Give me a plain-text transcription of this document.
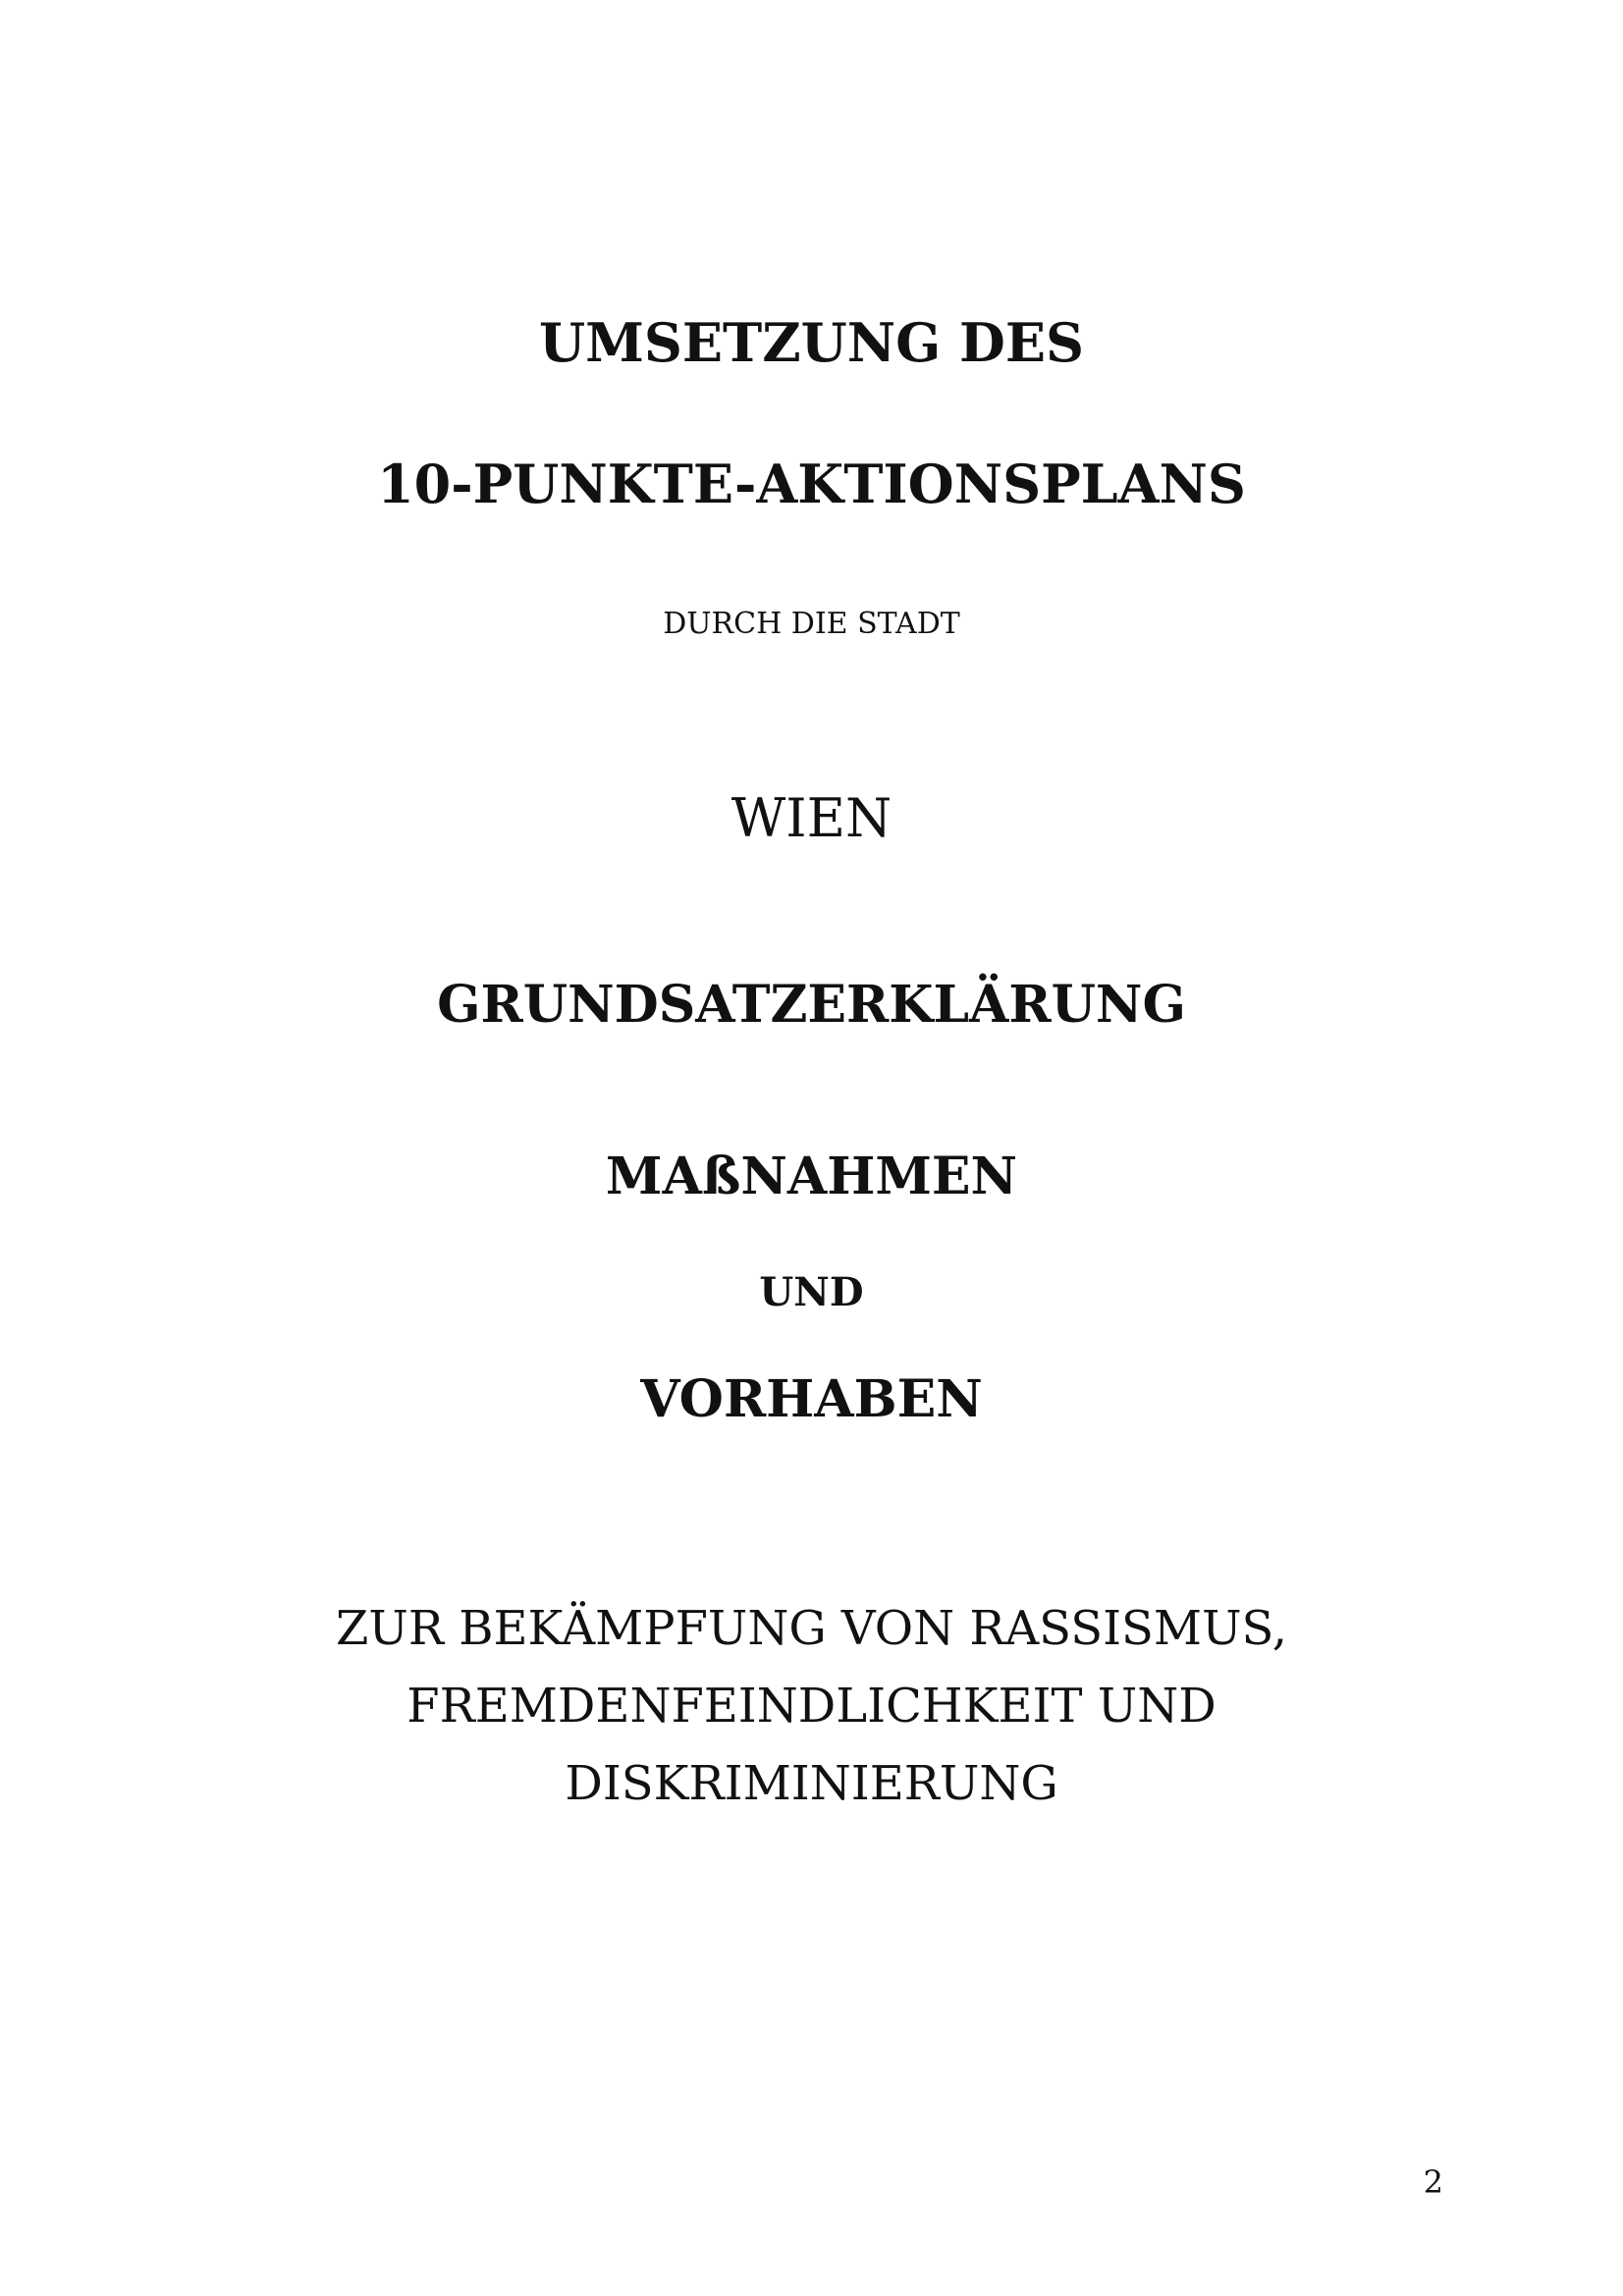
UMSETZUNG DES
10-PUNKTE-AKTIONSPLANS
DURCH DIE STADT
WIEN
GRUNDSATZERKLÄRUNG
MAßNAHMEN
UND
VORHABEN
ZUR BEKÄMPFUNG VON RASSISMUS,
FREMDENFEINDLICHKEIT UND
DISKRIMINIERUNG
2
